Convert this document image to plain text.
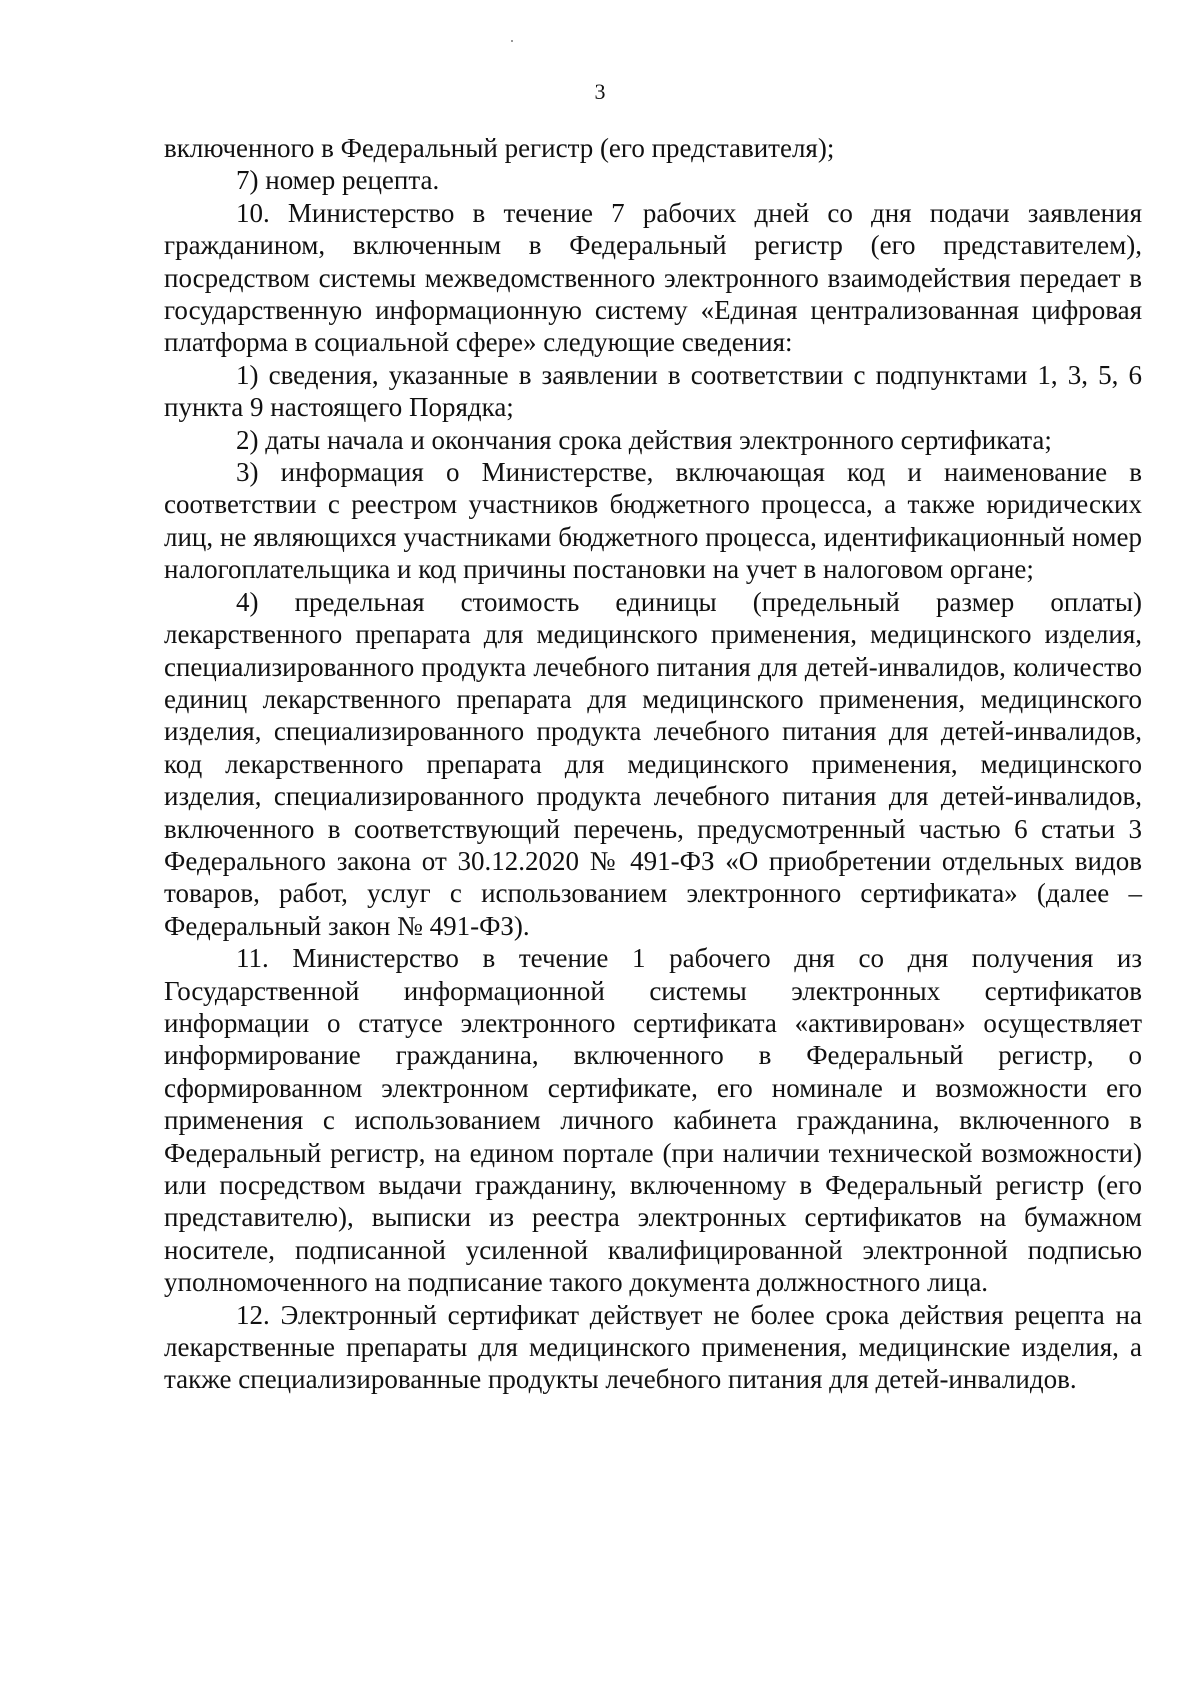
3

включенного в Федеральный регистр (его представителя);

7) номер рецепта.

10. Министерство в течение 7 рабочих дней со дня подачи заявления гражданином, включенным в Федеральный регистр (его представителем), посредством системы межведомственного электронного взаимодействия передает в государственную информационную систему «Единая централизованная цифровая платформа в социальной сфере» следующие сведения:

1) сведения, указанные в заявлении в соответствии с подпунктами 1, 3, 5, 6 пункта 9 настоящего Порядка;

2) даты начала и окончания срока действия электронного сертификата;

3) информация о Министерстве, включающая код и наименование в соответствии с реестром участников бюджетного процесса, а также юридических лиц, не являющихся участниками бюджетного процесса, идентификационный номер налогоплательщика и код причины постановки на учет в налоговом органе;

4) предельная стоимость единицы (предельный размер оплаты) лекарственного препарата для медицинского применения, медицинского изделия, специализированного продукта лечебного питания для детей-инвалидов, количество единиц лекарственного препарата для медицинского применения, медицинского изделия, специализированного продукта лечебного питания для детей-инвалидов, код лекарственного препарата для медицинского применения, медицинского изделия, специализированного продукта лечебного питания для детей-инвалидов, включенного в соответствующий перечень, предусмотренный частью 6 статьи 3 Федерального закона от 30.12.2020 № 491-ФЗ «О приобретении отдельных видов товаров, работ, услуг с использованием электронного сертификата» (далее – Федеральный закон № 491-ФЗ).

11. Министерство в течение 1 рабочего дня со дня получения из Государственной информационной системы электронных сертификатов информации о статусе электронного сертификата «активирован» осуществляет информирование гражданина, включенного в Федеральный регистр, о сформированном электронном сертификате, его номинале и возможности его применения с использованием личного кабинета гражданина, включенного в Федеральный регистр, на едином портале (при наличии технической возможности) или посредством выдачи гражданину, включенному в Федеральный регистр (его представителю), выписки из реестра электронных сертификатов на бумажном носителе, подписанной усиленной квалифицированной электронной подписью уполномоченного на подписание такого документа должностного лица.

12. Электронный сертификат действует не более срока действия рецепта на лекарственные препараты для медицинского применения, медицинские изделия, а также специализированные продукты лечебного питания для детей-инвалидов.
